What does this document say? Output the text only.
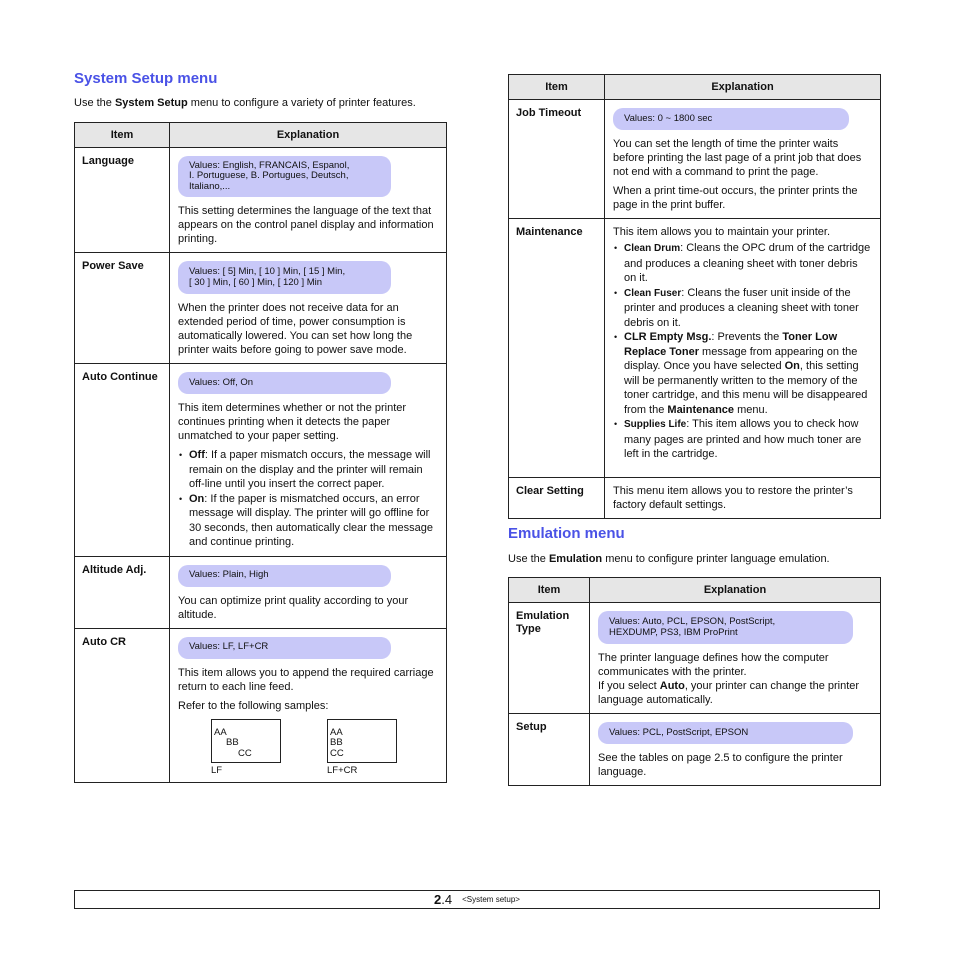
System Setup menu

Use the System Setup menu to configure a variety of printer features.

Item	Explanation
Language	Values: English, FRANCAIS, Espanol,
I. Portuguese, B. Portugues, Deutsch,
Italiano,...

This setting determines the language of the text that appears on the control panel display and information printing.

Power Save	Values: [ 5] Min, [ 10 ] Min, [ 15 ] Min,
[ 30 ] Min, [ 60 ] Min, [ 120 ] Min

When the printer does not receive data for an extended period of time, power consumption is automatically lowered. You can set how long the printer waits before going to power save mode.

Auto Continue	Values: Off, On

This item determines whether or not the printer continues printing when it detects the paper unmatched to your paper setting.

• Off: If a paper mismatch occurs, the message will remain on the display and the printer will remain off-line until you insert the correct paper.
• On: If the paper is mismatched occurs, an error message will display. The printer will go offline for 30 seconds, then automatically clear the message and continue printing.

Altitude Adj.	Values: Plain, High

You can optimize print quality according to your altitude.

Auto CR	Values: LF, LF+CR

This item allows you to append the required carriage return to each line feed.

Refer to the following samples:

AA
BB
CC
LF
AA
BB
CC
LF+CR
Item	Explanation
Job Timeout	Values: 0 ~ 1800 sec

You can set the length of time the printer waits before printing the last page of a print job that does not end with a command to print the page.

When a print time-out occurs, the printer prints the page in the print buffer.

Maintenance	This item allows you to maintain your printer.

• Clean Drum: Cleans the OPC drum of the cartridge and produces a cleaning sheet with toner debris on it.
• Clean Fuser: Cleans the fuser unit inside of the printer and produces a cleaning sheet with toner debris on it.
• CLR Empty Msg.: Prevents the Toner Low Replace Toner message from appearing on the display. Once you have selected On, this setting will be permanently written to the memory of the toner cartridge, and this menu will be disappeared from the Maintenance menu.
• Supplies Life: This item allows you to check how many pages are printed and how much toner are left in the cartridge.

Clear Setting	This menu item allows you to restore the printer’s factory default settings.

Emulation menu

Use the Emulation menu to configure printer language emulation.

Item	Explanation
Emulation Type	Values: Auto, PCL, EPSON, PostScript,
HEXDUMP, PS3, IBM ProPrint

The printer language defines how the computer communicates with the printer.

If you select Auto, your printer can change the printer language automatically.

Setup	Values: PCL, PostScript, EPSON

See the tables on page 2.5 to configure the printer language.

2.4 <System setup>
